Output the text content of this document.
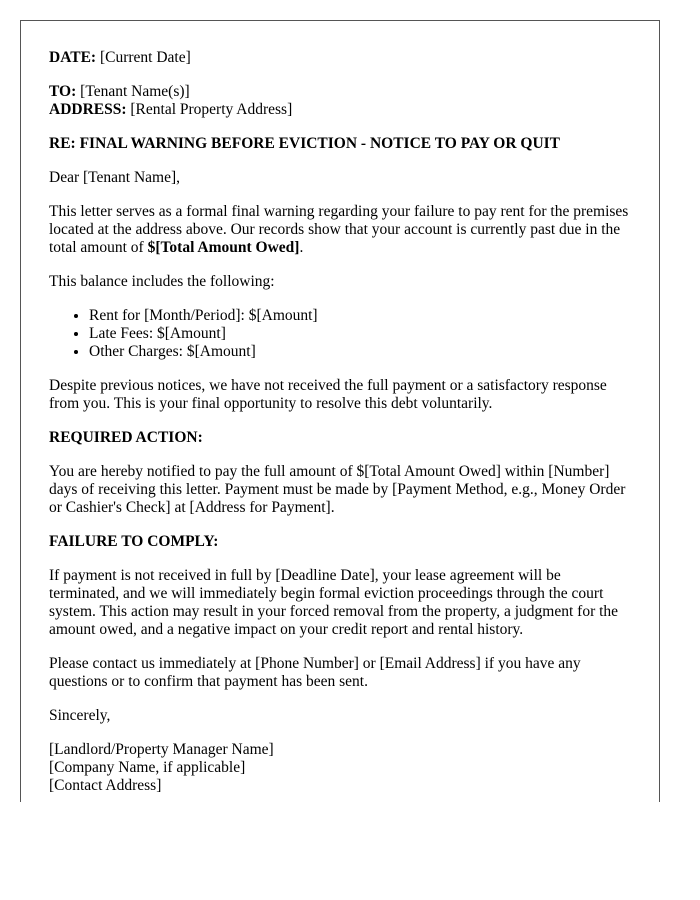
DATE: [Current Date]

TO: [Tenant Name(s)]
ADDRESS: [Rental Property Address]

RE: FINAL WARNING BEFORE EVICTION - NOTICE TO PAY OR QUIT

Dear [Tenant Name],

This letter serves as a formal final warning regarding your failure to pay rent for the premises located at the address above. Our records show that your account is currently past due in the total amount of $[Total Amount Owed].

This balance includes the following:

• Rent for [Month/Period]: $[Amount]
• Late Fees: $[Amount]
• Other Charges: $[Amount]

Despite previous notices, we have not received the full payment or a satisfactory response from you. This is your final opportunity to resolve this debt voluntarily.

REQUIRED ACTION:

You are hereby notified to pay the full amount of $[Total Amount Owed] within [Number] days of receiving this letter. Payment must be made by [Payment Method, e.g., Money Order or Cashier's Check] at [Address for Payment].

FAILURE TO COMPLY:

If payment is not received in full by [Deadline Date], your lease agreement will be terminated, and we will immediately begin formal eviction proceedings through the court system. This action may result in your forced removal from the property, a judgment for the amount owed, and a negative impact on your credit report and rental history.

Please contact us immediately at [Phone Number] or [Email Address] if you have any questions or to confirm that payment has been sent.

Sincerely,

[Landlord/Property Manager Name]

[Company Name, if applicable]

[Contact Address]
